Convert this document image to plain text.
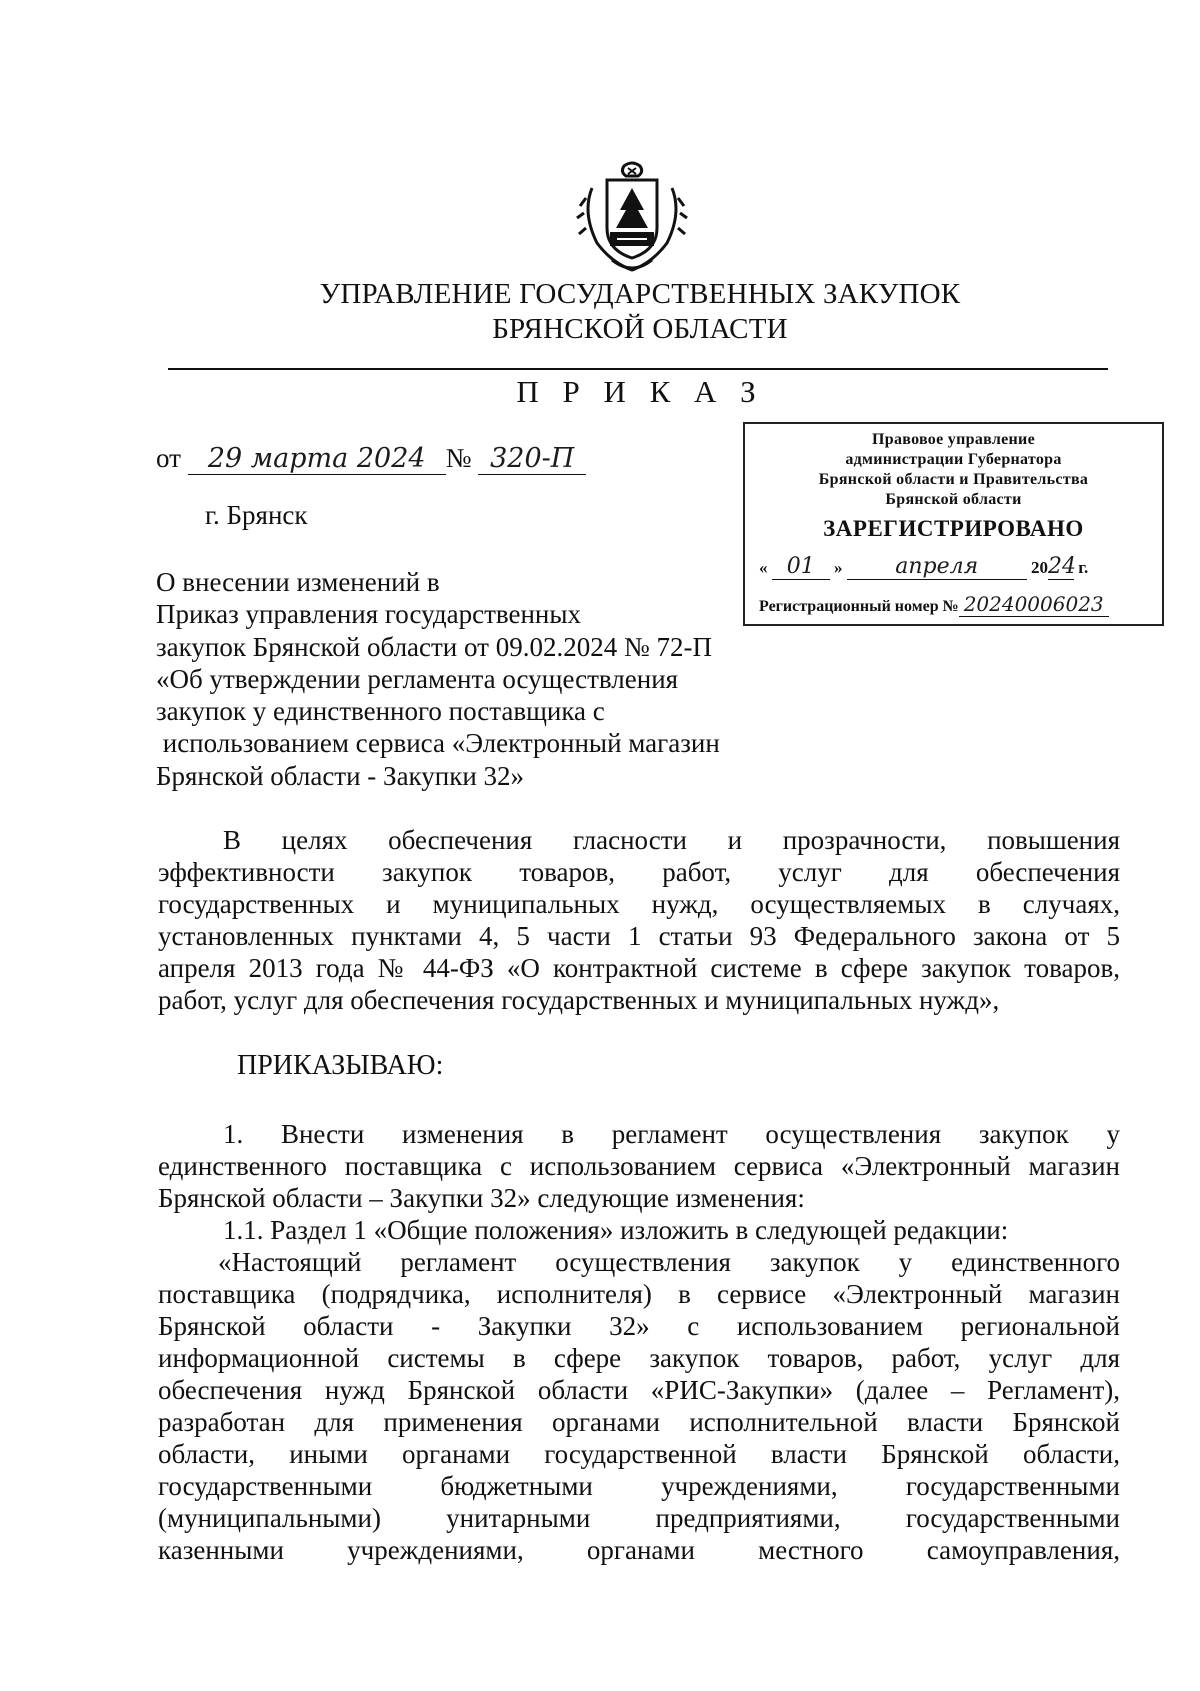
УПРАВЛЕНИЕ ГОСУДАРСТВЕННЫХ ЗАКУПОК
БРЯНСКОЙ ОБЛАСТИ
П Р И К А З
от 29 марта 2024 № 320-П
г. Брянск
О внесении изменений в
Приказ управления государственных
закупок Брянской области от 09.02.2024 № 72-П
«Об утверждении регламента осуществления
закупок у единственного поставщика с
использованием сервиса «Электронный магазин
Брянской области - Закупки 32»
Правовое управление
администрации Губернатора
Брянской области и Правительства
Брянской области
ЗАРЕГИСТРИРОВАНО
« 01 » апреля	2024 г.
Регистрационный номер № 20240006023
В целях обеспечения гласности и прозрачности, повышения
эффективности закупок товаров, работ, услуг для обеспечения
государственных и муниципальных нужд, осуществляемых в случаях,
установленных пунктами 4, 5 части 1 статьи 93 Федерального закона от 5
апреля 2013 года № 44-ФЗ «О контрактной системе в сфере закупок товаров,
работ, услуг для обеспечения государственных и муниципальных нужд»,
ПРИКАЗЫВАЮ:
1. Внести изменения в регламент осуществления закупок у
единственного поставщика с использованием сервиса «Электронный магазин
Брянской области – Закупки 32» следующие изменения:
1.1. Раздел 1 «Общие положения» изложить в следующей редакции:
«Настоящий регламент осуществления закупок у единственного
поставщика (подрядчика, исполнителя) в сервисе «Электронный магазин
Брянской области - Закупки 32» с использованием региональной
информационной системы в сфере закупок товаров, работ, услуг для
обеспечения нужд Брянской области «РИС-Закупки» (далее – Регламент),
разработан для применения органами исполнительной власти Брянской
области, иными органами государственной власти Брянской области,
государственными бюджетными учреждениями, государственными
(муниципальными) унитарными предприятиями, государственными
казенными учреждениями, органами местного самоуправления,
